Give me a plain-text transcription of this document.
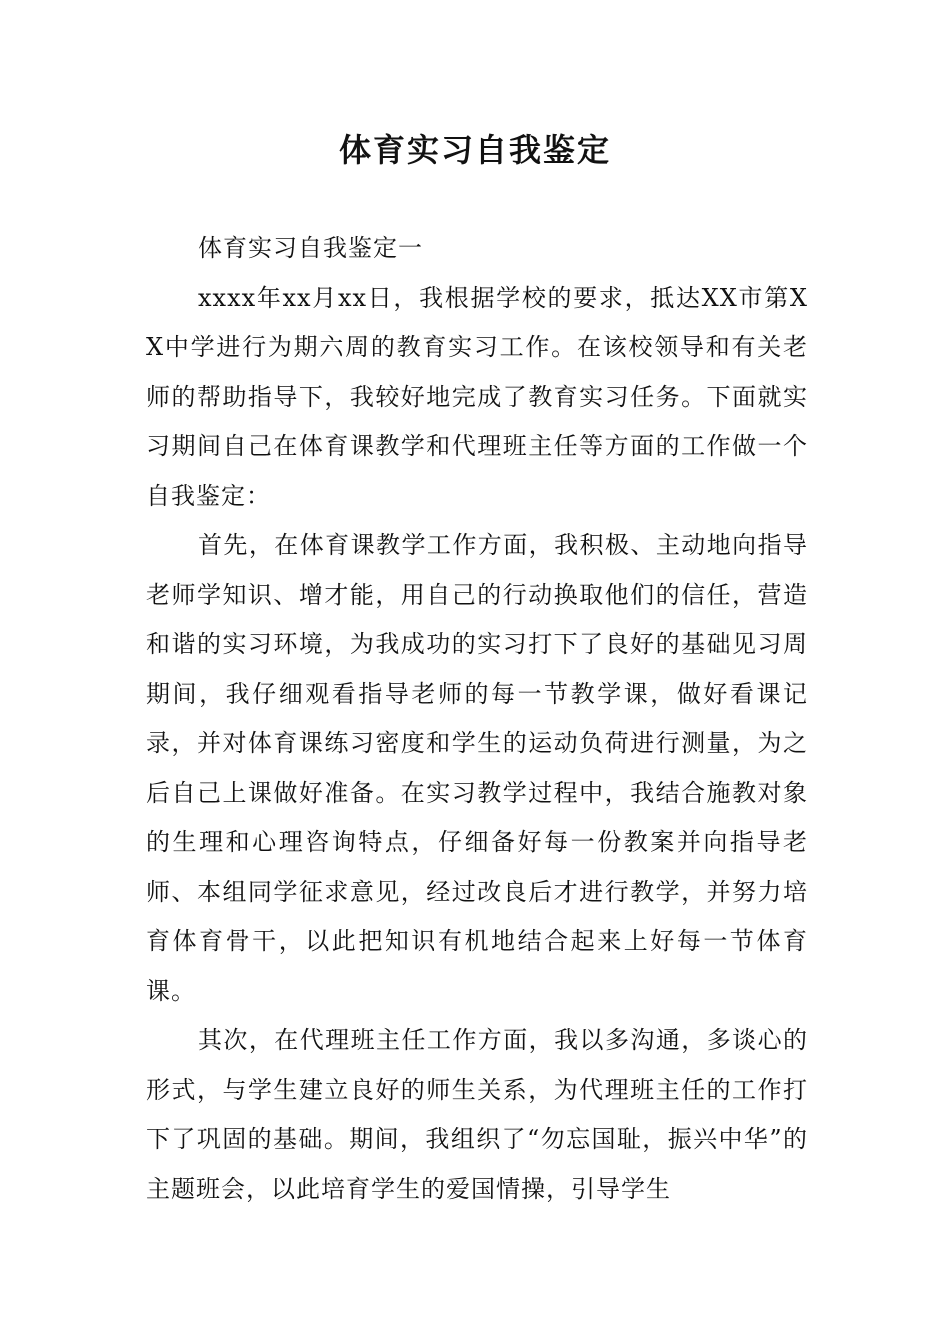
体育实习自我鉴定

体育实习自我鉴定一

xxxx年xx月xx日，我根据学校的要求，抵达XX市第XX中学进行为期六周的教育实习工作。在该校领导和有关老师的帮助指导下，我较好地完成了教育实习任务。下面就实习期间自己在体育课教学和代理班主任等方面的工作做一个自我鉴定：

首先，在体育课教学工作方面，我积极、主动地向指导老师学知识、增才能，用自己的行动换取他们的信任，营造和谐的实习环境，为我成功的实习打下了良好的基础见习周期间，我仔细观看指导老师的每一节教学课，做好看课记录，并对体育课练习密度和学生的运动负荷进行测量，为之后自己上课做好准备。在实习教学过程中，我结合施教对象的生理和心理咨询特点，仔细备好每一份教案并向指导老师、本组同学征求意见，经过改良后才进行教学，并努力培育体育骨干，以此把知识有机地结合起来上好每一节体育课。

其次，在代理班主任工作方面，我以多沟通，多谈心的形式，与学生建立良好的师生关系，为代理班主任的工作打下了巩固的基础。期间，我组织了“勿忘国耻，振兴中华”的主题班会，以此培育学生的爱国情操，引导学生
